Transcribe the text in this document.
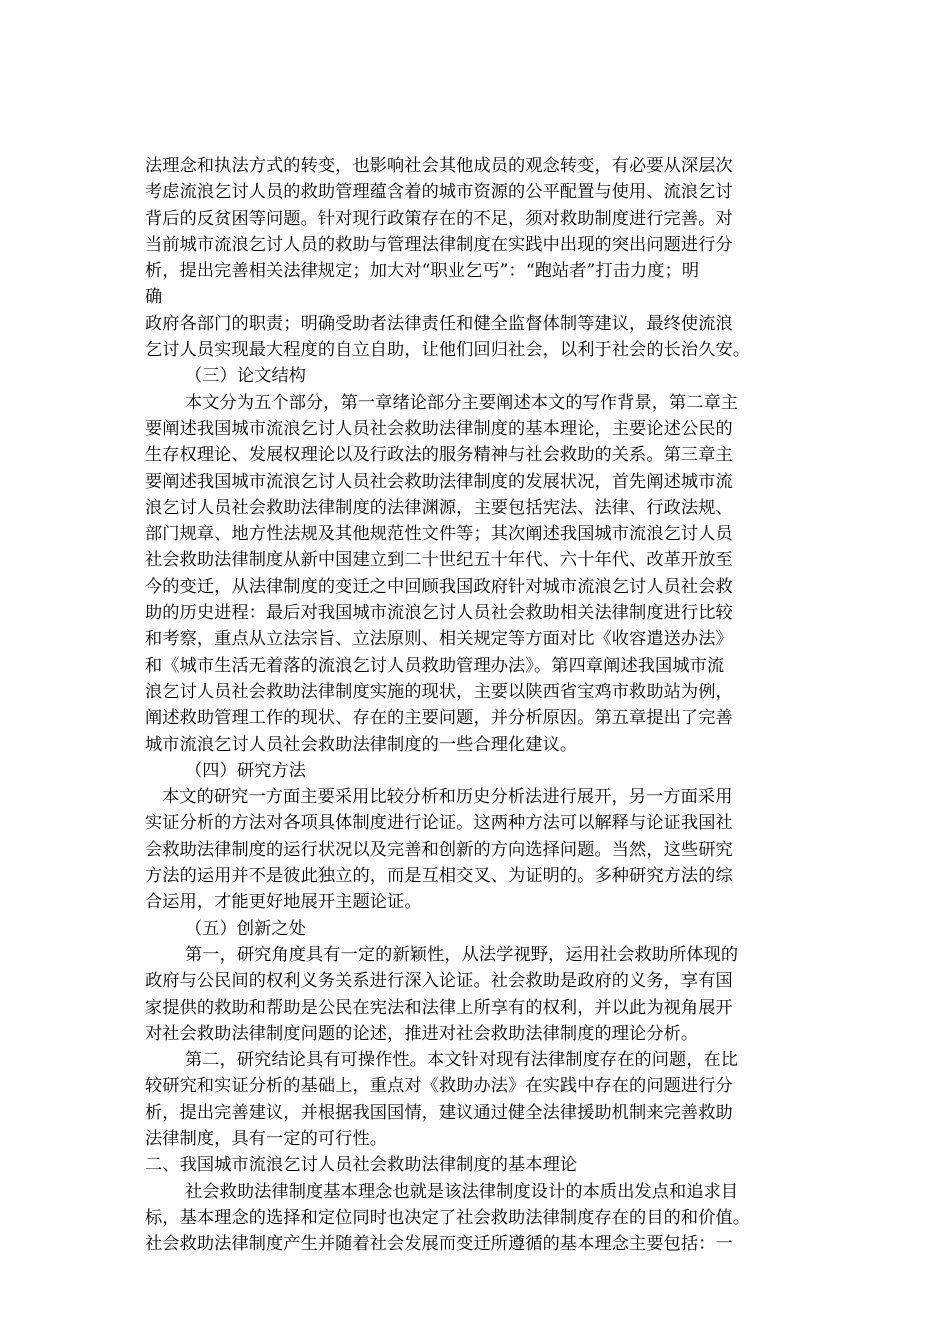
法理念和执法方式的转变，也影响社会其他成员的观念转变，有必要从深层次
考虑流浪乞讨人员的救助管理蕴含着的城市资源的公平配置与使用、流浪乞讨
背后的反贫困等问题。针对现行政策存在的不足，须对救助制度进行完善。对
当前城市流浪乞讨人员的救助与管理法律制度在实践中出现的突出问题进行分
析，提出完善相关法律规定；加大对“职业乞丐”：“跑站者”打击力度；明
确
政府各部门的职责；明确受助者法律责任和健全监督体制等建议，最终使流浪
乞讨人员实现最大程度的自立自助，让他们回归社会，以利于社会的长治久安。
（三）论文结构
本文分为五个部分，第一章绪论部分主要阐述本文的写作背景，第二章主
要阐述我国城市流浪乞讨人员社会救助法律制度的基本理论，主要论述公民的
生存权理论、发展权理论以及行政法的服务精神与社会救助的关系。第三章主
要阐述我国城市流浪乞讨人员社会救助法律制度的发展状况，首先阐述城市流
浪乞讨人员社会救助法律制度的法律渊源，主要包括宪法、法律、行政法规、
部门规章、地方性法规及其他规范性文件等；其次阐述我国城市流浪乞讨人员
社会救助法律制度从新中国建立到二十世纪五十年代、六十年代、改革开放至
今的变迁，从法律制度的变迁之中回顾我国政府针对城市流浪乞讨人员社会救
助的历史进程：最后对我国城市流浪乞讨人员社会救助相关法律制度进行比较
和考察，重点从立法宗旨、立法原则、相关规定等方面对比《收容遣送办法》
和《城市生活无着落的流浪乞讨人员救助管理办法》。第四章阐述我国城市流
浪乞讨人员社会救助法律制度实施的现状，主要以陕西省宝鸡市救助站为例，
阐述救助管理工作的现状、存在的主要问题，并分析原因。第五章提出了完善
城市流浪乞讨人员社会救助法律制度的一些合理化建议。
（四）研究方法
本文的研究一方面主要采用比较分析和历史分析法进行展开，另一方面采用
实证分析的方法对各项具体制度进行论证。这两种方法可以解释与论证我国社
会救助法律制度的运行状况以及完善和创新的方向选择问题。当然，这些研究
方法的运用并不是彼此独立的，而是互相交叉、为证明的。多种研究方法的综
合运用，才能更好地展开主题论证。
（五）创新之处
第一，研究角度具有一定的新颖性，从法学视野，运用社会救助所体现的
政府与公民间的权利义务关系进行深入论证。社会救助是政府的义务，享有国
家提供的救助和帮助是公民在宪法和法律上所享有的权利，并以此为视角展开
对社会救助法律制度问题的论述，推进对社会救助法律制度的理论分析。
第二，研究结论具有可操作性。本文针对现有法律制度存在的问题，在比
较研究和实证分析的基础上，重点对《救助办法》在实践中存在的问题进行分
析，提出完善建议，并根据我国国情，建议通过健全法律援助机制来完善救助
法律制度，具有一定的可行性。
二、我国城市流浪乞讨人员社会救助法律制度的基本理论
社会救助法律制度基本理念也就是该法律制度设计的本质出发点和追求目
标，基本理念的选择和定位同时也决定了社会救助法律制度存在的目的和价值。
社会救助法律制度产生并随着社会发展而变迁所遵循的基本理念主要包括：一
